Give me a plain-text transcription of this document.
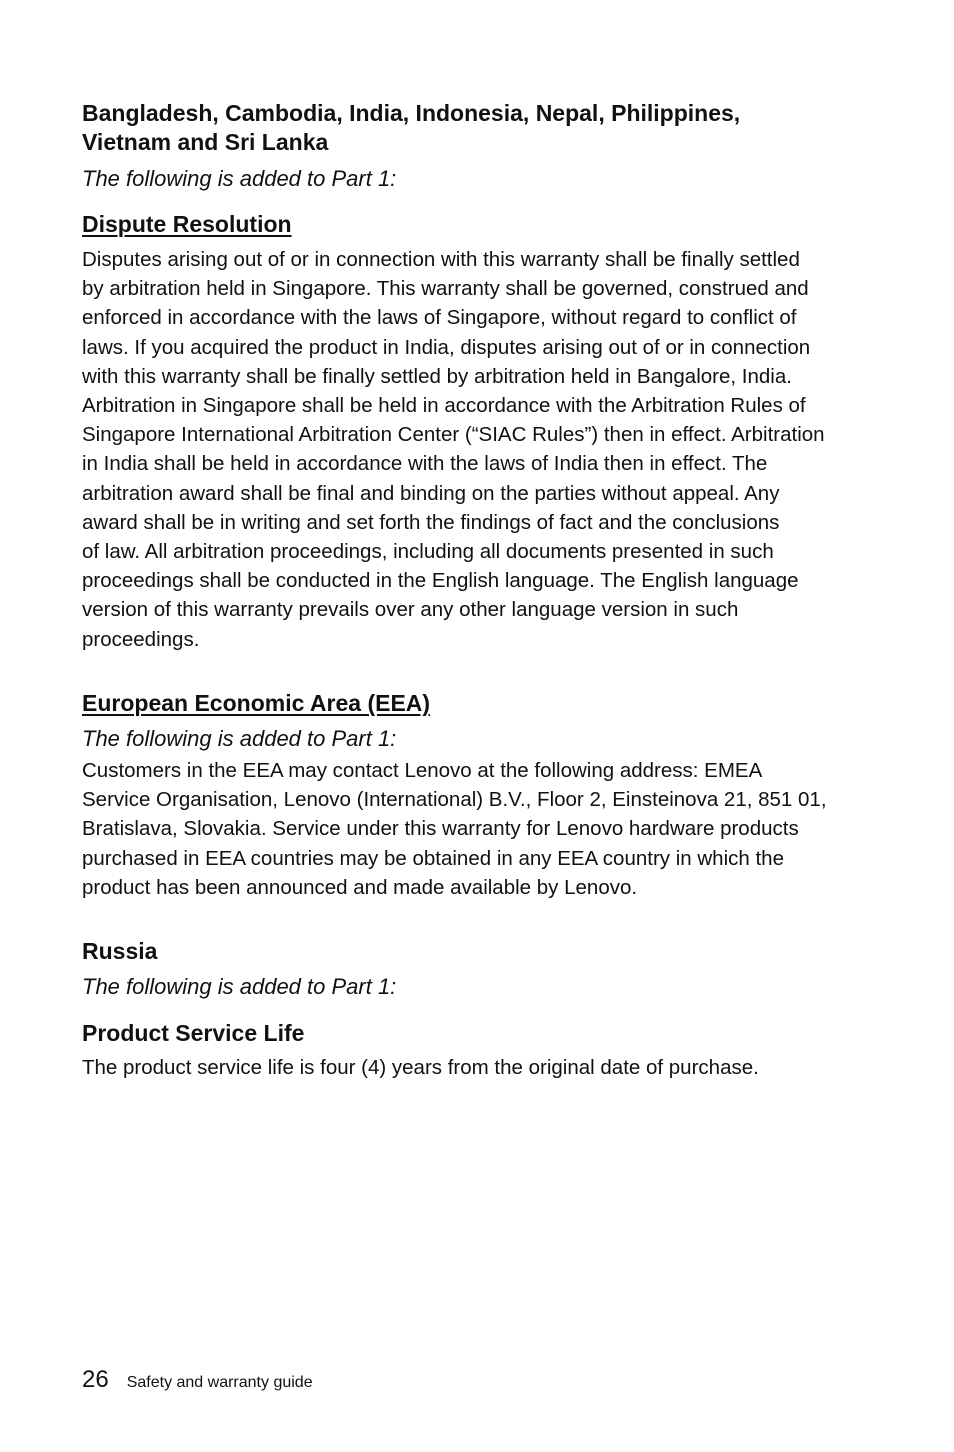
Bangladesh, Cambodia, India, Indonesia, Nepal, Philippines,
Vietnam and Sri Lanka

The following is added to Part 1:

Dispute Resolution
Disputes arising out of or in connection with this warranty shall be finally settled
by arbitration held in Singapore. This warranty shall be governed, construed and
enforced in accordance with the laws of Singapore, without regard to conflict of
laws. If you acquired the product in India, disputes arising out of or in connection
with this warranty shall be finally settled by arbitration held in Bangalore, India.
Arbitration in Singapore shall be held in accordance with the Arbitration Rules of
Singapore International Arbitration Center (“SIAC Rules”) then in effect. Arbitration
in India shall be held in accordance with the laws of India then in effect. The
arbitration award shall be final and binding on the parties without appeal. Any
award shall be in writing and set forth the findings of fact and the conclusions
of law. All arbitration proceedings, including all documents presented in such
proceedings shall be conducted in the English language. The English language
version of this warranty prevails over any other language version in such
proceedings.
European Economic Area (EEA)

The following is added to Part 1:

Customers in the EEA may contact Lenovo at the following address: EMEA
Service Organisation, Lenovo (International) B.V., Floor 2, Einsteinova 21, 851 01,
Bratislava, Slovakia. Service under this warranty for Lenovo hardware products
purchased in EEA countries may be obtained in any EEA country in which the
product has been announced and made available by Lenovo.
Russia

The following is added to Part 1:

Product Service Life

The product service life is four (4) years from the original date of purchase.

26 Safety and warranty guide
